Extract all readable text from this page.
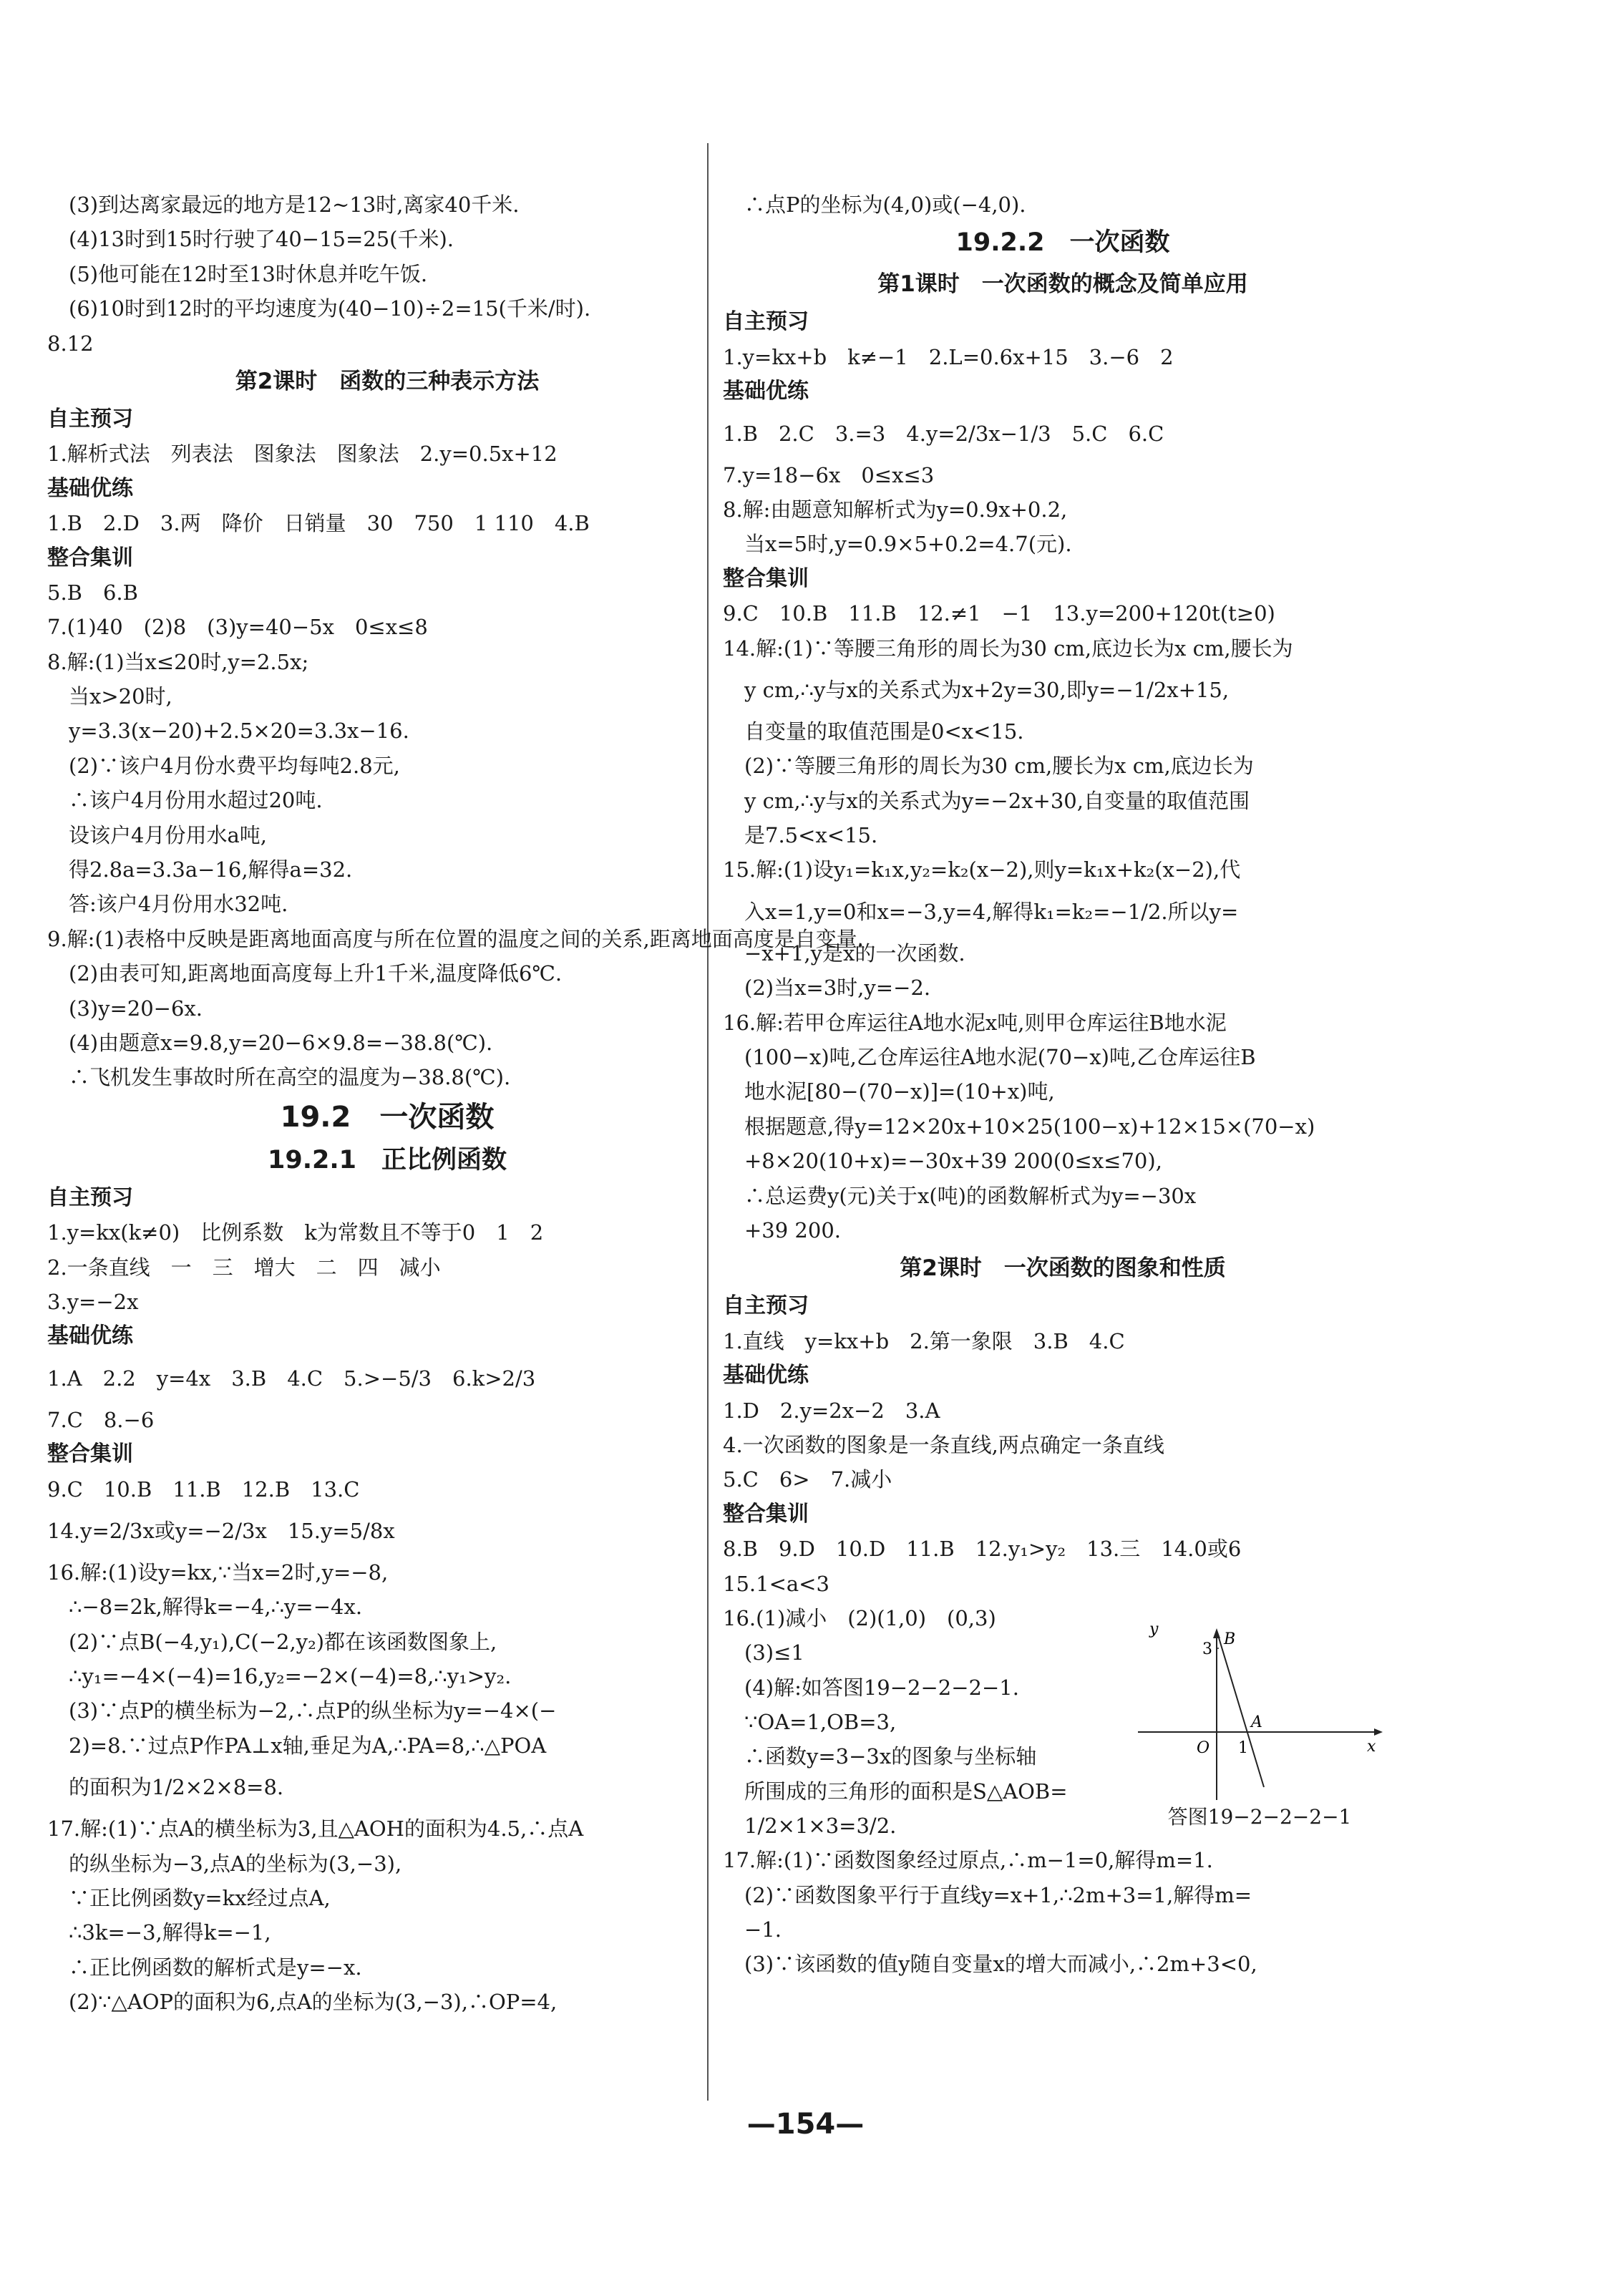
(3)到达离家最远的地方是12~13时,离家40千米.
(4)13时到15时行驶了40−15=25(千米).
(5)他可能在12时至13时休息并吃午饭.
(6)10时到12时的平均速度为(40−10)÷2=15(千米/时).
8.12
第2课时　函数的三种表示方法
自主预习
1.解析式法　列表法　图象法　图象法　2.y=0.5x+12
基础优练
1.B　2.D　3.两　降价　日销量　30　750　1 110　4.B
整合集训
5.B　6.B
7.(1)40　(2)8　(3)y=40−5x　0≤x≤8
8.解:(1)当x≤20时,y=2.5x;
当x>20时,
y=3.3(x−20)+2.5×20=3.3x−16.
(2)∵该户4月份水费平均每吨2.8元,
∴该户4月份用水超过20吨.
设该户4月份用水a吨,
得2.8a=3.3a−16,解得a=32.
答:该户4月份用水32吨.
9.解:(1)表格中反映是距离地面高度与所在位置的温度之间的关系,距离地面高度是自变量.
(2)由表可知,距离地面高度每上升1千米,温度降低6℃.
(3)y=20−6x.
(4)由题意x=9.8,y=20−6×9.8=−38.8(℃).
∴飞机发生事故时所在高空的温度为−38.8(℃).
19.2　一次函数
19.2.1　正比例函数
自主预习
1.y=kx(k≠0)　比例系数　k为常数且不等于0　1　2
2.一条直线　一　三　增大　二　四　减小
3.y=−2x
基础优练
1.A　2.2　y=4x　3.B　4.C　5.>−5/3　6.k>2/3
7.C　8.−6
整合集训
9.C　10.B　11.B　12.B　13.C
14.y=2/3x或y=−2/3x　15.y=5/8x
16.解:(1)设y=kx,∵当x=2时,y=−8,
∴−8=2k,解得k=−4,∴y=−4x.
(2)∵点B(−4,y₁),C(−2,y₂)都在该函数图象上,
∴y₁=−4×(−4)=16,y₂=−2×(−4)=8,∴y₁>y₂.
(3)∵点P的横坐标为−2,∴点P的纵坐标为y=−4×(−
2)=8.∵过点P作PA⊥x轴,垂足为A,∴PA=8,∴△POA
的面积为1/2×2×8=8.
17.解:(1)∵点A的横坐标为3,且△AOH的面积为4.5,∴点A
的纵坐标为−3,点A的坐标为(3,−3),
∵正比例函数y=kx经过点A,
∴3k=−3,解得k=−1,
∴正比例函数的解析式是y=−x.
(2)∵△AOP的面积为6,点A的坐标为(3,−3),∴OP=4,
∴点P的坐标为(4,0)或(−4,0).
19.2.2　一次函数
第1课时　一次函数的概念及简单应用
自主预习
1.y=kx+b　k≠−1　2.L=0.6x+15　3.−6　2
基础优练
1.B　2.C　3.=3　4.y=2/3x−1/3　5.C　6.C
7.y=18−6x　0≤x≤3
8.解:由题意知解析式为y=0.9x+0.2,
当x=5时,y=0.9×5+0.2=4.7(元).
整合集训
9.C　10.B　11.B　12.≠1　−1　13.y=200+120t(t≥0)
14.解:(1)∵等腰三角形的周长为30 cm,底边长为x cm,腰长为
y cm,∴y与x的关系式为x+2y=30,即y=−1/2x+15,
自变量的取值范围是0<x<15.
(2)∵等腰三角形的周长为30 cm,腰长为x cm,底边长为
y cm,∴y与x的关系式为y=−2x+30,自变量的取值范围
是7.5<x<15.
15.解:(1)设y₁=k₁x,y₂=k₂(x−2),则y=k₁x+k₂(x−2),代
入x=1,y=0和x=−3,y=4,解得k₁=k₂=−1/2.所以y=
−x+1,y是x的一次函数.
(2)当x=3时,y=−2.
16.解:若甲仓库运往A地水泥x吨,则甲仓库运往B地水泥
(100−x)吨,乙仓库运往A地水泥(70−x)吨,乙仓库运往B
地水泥[80−(70−x)]=(10+x)吨,
根据题意,得y=12×20x+10×25(100−x)+12×15×(70−x)
+8×20(10+x)=−30x+39 200(0≤x≤70),
∴总运费y(元)关于x(吨)的函数解析式为y=−30x
+39 200.
第2课时　一次函数的图象和性质
自主预习
1.直线　y=kx+b　2.第一象限　3.B　4.C
基础优练
1.D　2.y=2x−2　3.A
4.一次函数的图象是一条直线,两点确定一条直线
5.C　6>　7.减小
整合集训
8.B　9.D　10.D　11.B　12.y₁>y₂　13.三　14.0或6
15.1<a<3
16.(1)减小　(2)(1,0)　(0,3)
(3)≤1
(4)解:如答图19−2−2−2−1.
∵OA=1,OB=3,
∴函数y=3−3x的图象与坐标轴
所围成的三角形的面积是S△AOB=
1/2×1×3=3/2.
y
B
3
A
O 1	x
答图19−2−2−2−1
17.解:(1)∵函数图象经过原点,∴m−1=0,解得m=1.
(2)∵函数图象平行于直线y=x+1,∴2m+3=1,解得m=
−1.
(3)∵该函数的值y随自变量x的增大而减小,∴2m+3<0,
—154—
